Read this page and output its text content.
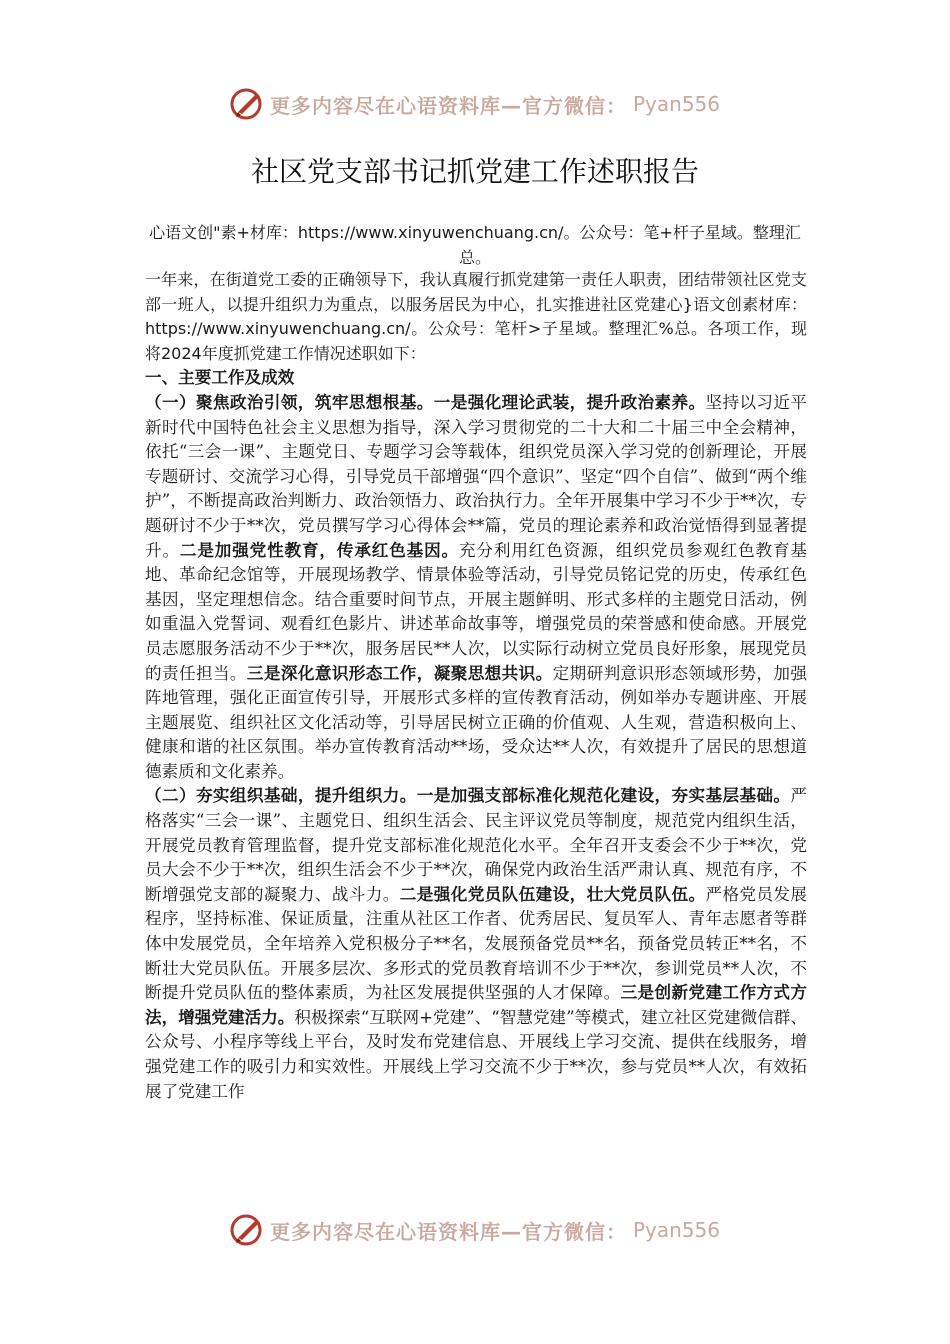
更多内容尽在心语资料库—官方微信： Pyan556
社区党支部书记抓党建工作述职报告
心语文创"素+材库：https://www.xinyuwenchuang.cn/。公众号：笔+杆子星域。整理汇总。

一年来，在街道党工委的正确领导下，我认真履行抓党建第一责任人职责，团结带领社区党支部一班人，以提升组织力为重点，以服务居民为中心，扎实推进社区党建心}语文创素材库：https://www.xinyuwenchuang.cn/。公众号：笔杆>子星域。整理汇%总。各项工作，现将2024年度抓党建工作情况述职如下：

一、主要工作及成效

（一）聚焦政治引领，筑牢思想根基。一是强化理论武装，提升政治素养。坚持以习近平新时代中国特色社会主义思想为指导，深入学习贯彻党的二十大和二十届三中全会精神，依托“三会一课”、主题党日、专题学习会等载体，组织党员深入学习党的创新理论，开展专题研讨、交流学习心得，引导党员干部增强“四个意识”、坚定“四个自信”、做到“两个维护”，不断提高政治判断力、政治领悟力、政治执行力。全年开展集中学习不少于**次，专题研讨不少于**次，党员撰写学习心得体会**篇，党员的理论素养和政治觉悟得到显著提升。二是加强党性教育，传承红色基因。充分利用红色资源，组织党员参观红色教育基地、革命纪念馆等，开展现场教学、情景体验等活动，引导党员铭记党的历史，传承红色基因，坚定理想信念。结合重要时间节点，开展主题鲜明、形式多样的主题党日活动，例如重温入党誓词、观看红色影片、讲述革命故事等，增强党员的荣誉感和使命感。开展党员志愿服务活动不少于**次，服务居民**人次，以实际行动树立党员良好形象，展现党员的责任担当。三是深化意识形态工作，凝聚思想共识。定期研判意识形态领域形势，加强阵地管理，强化正面宣传引导，开展形式多样的宣传教育活动，例如举办专题讲座、开展主题展览、组织社区文化活动等，引导居民树立正确的价值观、人生观，营造积极向上、健康和谐的社区氛围。举办宣传教育活动**场，受众达**人次，有效提升了居民的思想道德素质和文化素养。

（二）夯实组织基础，提升组织力。一是加强支部标准化规范化建设，夯实基层基础。严格落实“三会一课”、主题党日、组织生活会、民主评议党员等制度，规范党内组织生活，开展党员教育管理监督，提升党支部标准化规范化水平。全年召开支委会不少于**次，党员大会不少于**次，组织生活会不少于**次，确保党内政治生活严肃认真、规范有序，不断增强党支部的凝聚力、战斗力。二是强化党员队伍建设，壮大党员队伍。严格党员发展程序，坚持标准、保证质量，注重从社区工作者、优秀居民、复员军人、青年志愿者等群体中发展党员，全年培养入党积极分子**名，发展预备党员**名，预备党员转正**名，不断壮大党员队伍。开展多层次、多形式的党员教育培训不少于**次，参训党员**人次，不断提升党员队伍的整体素质，为社区发展提供坚强的人才保障。三是创新党建工作方式方法，增强党建活力。积极探索“互联网+党建”、“智慧党建”等模式，建立社区党建微信群、公众号、小程序等线上平台，及时发布党建信息、开展线上学习交流、提供在线服务，增强党建工作的吸引力和实效性。开展线上学习交流不少于**次，参与党员**人次，有效拓展了党建工作

更多内容尽在心语资料库—官方微信： Pyan556
